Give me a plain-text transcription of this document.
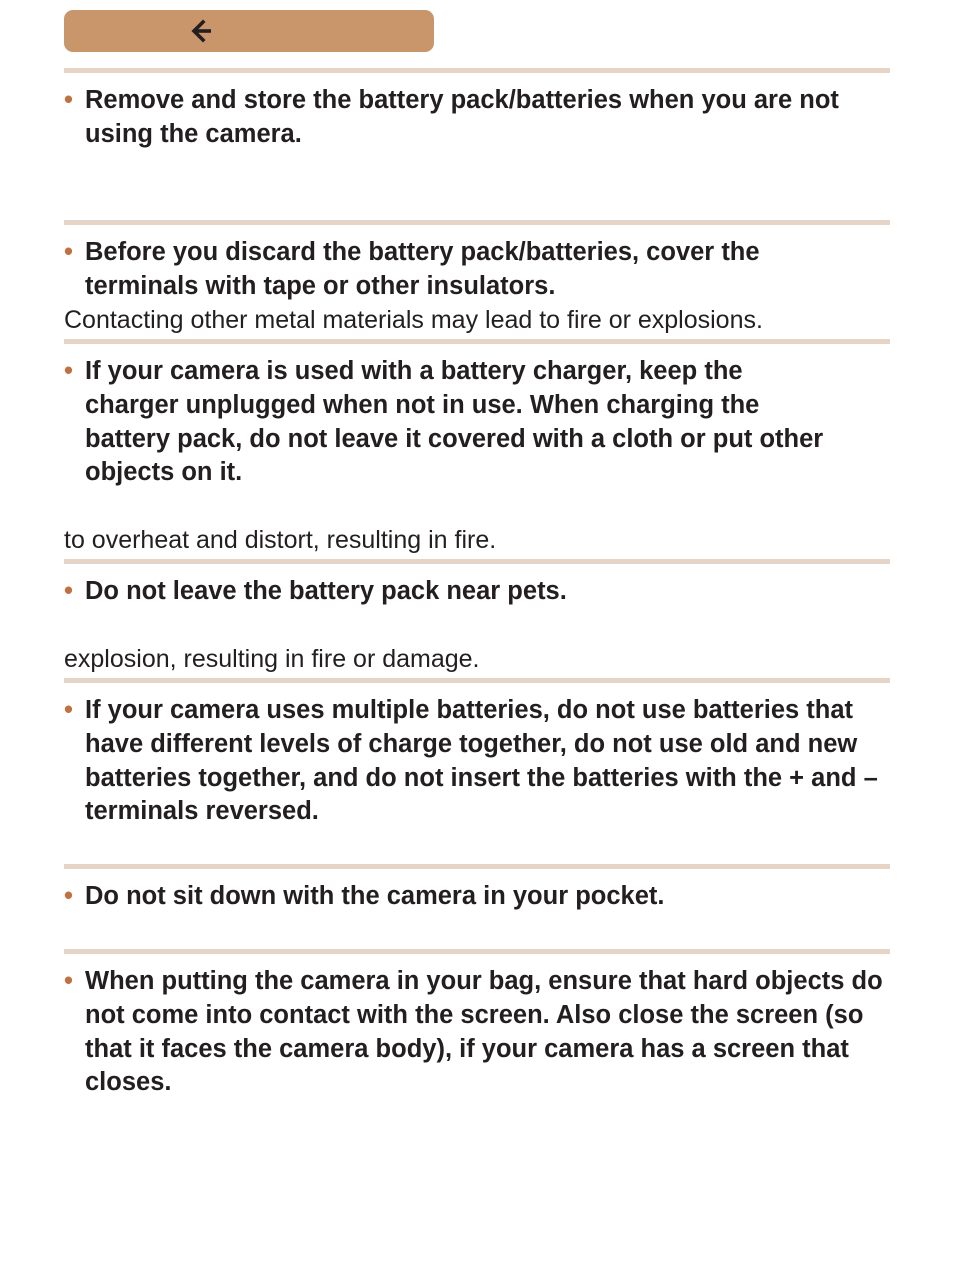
• Remove and store the battery pack/batteries when you are not using the camera.

• Before you discard the battery pack/batteries, cover the terminals with tape or other insulators.

Contacting other metal materials may lead to fire or explosions.

• If your camera is used with a battery charger, keep the charger unplugged when not in use. When charging the battery pack, do not leave it covered with a cloth or put other objects on it.

to overheat and distort, resulting in fire.

• Do not leave the battery pack near pets.

explosion, resulting in fire or damage.

• If your camera uses multiple batteries, do not use batteries that have different levels of charge together, do not use old and new batteries together, and do not insert the batteries with the + and – terminals reversed.

• Do not sit down with the camera in your pocket.

• When putting the camera in your bag, ensure that hard objects do not come into contact with the screen. Also close the screen (so that it faces the camera body), if your camera has a screen that closes.
